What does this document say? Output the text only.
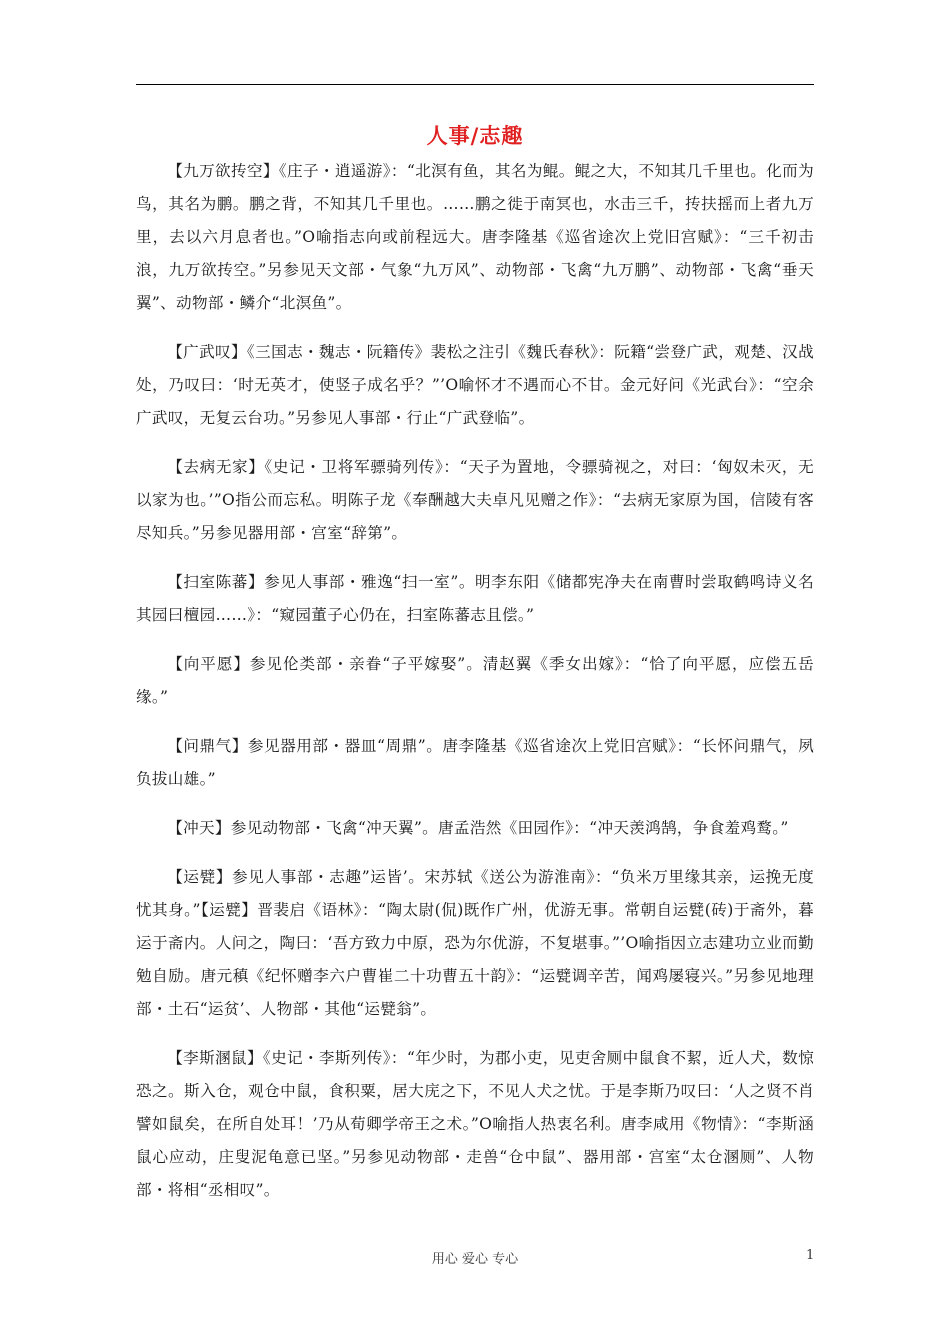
人事/志趣

【九万欲抟空】《庄子・逍遥游》：“北溟有鱼，其名为鲲。鲲之大，不知其几千里也。化而为鸟，其名为鹏。鹏之背，不知其几千里也。……鹏之徙于南冥也，水击三千，抟扶摇而上者九万里，去以六月息者也。”O喻指志向或前程远大。唐李隆基《巡省途次上党旧宫赋》：“三千初击浪，九万欲抟空。”另参见天文部・气象“九万风”、动物部・飞禽“九万鹏”、动物部・飞禽“垂天翼”、动物部・鳞介“北溟鱼”。

【广武叹】《三国志・魏志・阮籍传》裴松之注引《魏氏春秋》：阮籍“尝登广武，观楚、汉战处，乃叹曰：‘时无英才，使竖子成名乎？”’O喻怀才不遇而心不甘。金元好问《光武台》：“空余广武叹，无复云台功。”另参见人事部・行止“广武登临”。

【去病无家】《史记・卫将军骠骑列传》：“天子为置地，令骠骑视之，对曰：‘匈奴未灭，无以家为也。’”O指公而忘私。明陈子龙《奉酬越大夫卓凡见赠之作》：“去病无家原为国，信陵有客尽知兵。”另参见器用部・宫室“辞第”。

【扫室陈蕃】参见人事部・雅逸“扫一室”。明李东阳《储都宪净夫在南曹时尝取鹤鸣诗义名其园曰檀园……》：“窥园董子心仍在，扫室陈蕃志且偿。”

【向平愿】参见伦类部・亲眷“子平嫁娶”。清赵翼《季女出嫁》：“恰了向平愿，应偿五岳缘。”

【问鼎气】参见器用部・器皿“周鼎”。唐李隆基《巡省途次上党旧宫赋》：“长怀问鼎气，夙负拔山雄。”

【冲天】参见动物部・飞禽“冲天翼”。唐孟浩然《田园作》：“冲天羡鸿鹄，争食羞鸡鹜。”

【运甓】参见人事部・志趣”运皆’。宋苏轼《送公为游淮南》：“负米万里缘其亲，运挽无度忧其身。”【运甓】晋裴启《语林》：“陶太尉(侃)既作广州，优游无事。常朝自运甓(砖)于斋外，暮运于斋内。人问之，陶曰：‘吾方致力中原，恐为尔优游，不复堪事。”’O喻指因立志建功立业而勤勉自励。唐元稹《纪怀赠李六户曹崔二十功曹五十韵》：“运甓调辛苦，闻鸡屡寝兴。”另参见地理部・土石“运贫’、人物部・其他“运甓翁”。

【李斯溷鼠】《史记・李斯列传》：“年少时，为郡小吏，见吏舍厕中鼠食不絜，近人犬，数惊恐之。斯入仓，观仓中鼠，食积粟，居大庑之下，不见人犬之忧。于是李斯乃叹曰：‘人之贤不肖譬如鼠矣，在所自处耳！’乃从荀卿学帝王之术。”O喻指人热衷名利。唐李咸用《物情》：“李斯涵鼠心应动，庄叟泥龟意已坚。”另参见动物部・走兽“仓中鼠”、器用部・宫室“太仓溷厕”、人物部・将相“丞相叹”。

用心 爱心 专心	1
